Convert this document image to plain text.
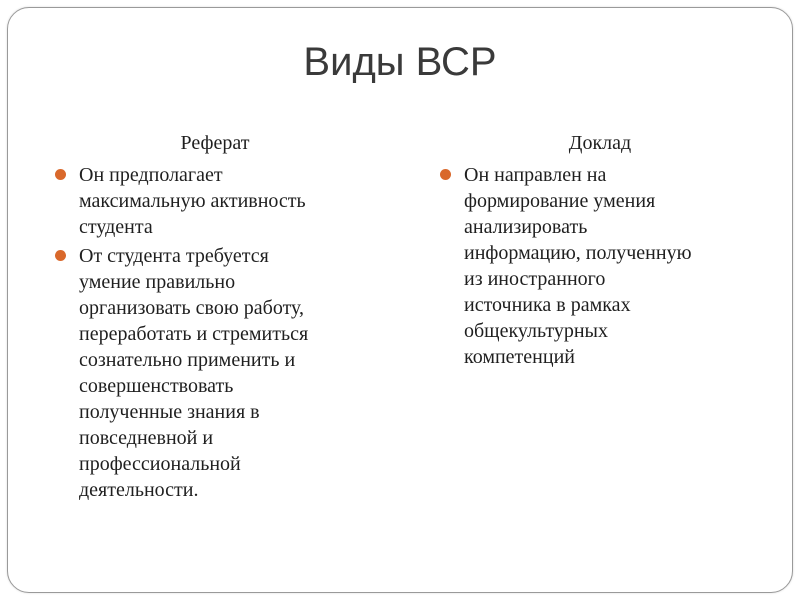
Виды ВСР
Реферат
Он предполагает
максимальную активность
студента
От студента требуется
умение правильно
организовать свою работу,
переработать и стремиться
сознательно применить и
совершенствовать
полученные знания в
повседневной и
профессиональной
деятельности.
Доклад
Он направлен на
формирование умения
анализировать
информацию, полученную
из иностранного
источника в рамках
общекультурных
компетенций
